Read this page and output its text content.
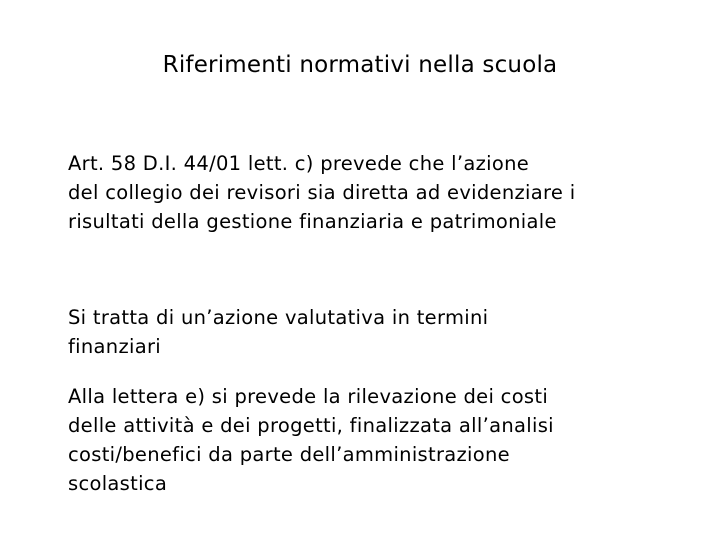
Riferimenti normativi nella scuola
Art. 58 D.I. 44/01 lett. c) prevede che l’azione
del collegio dei revisori sia diretta ad evidenziare i
risultati della gestione finanziaria e patrimoniale
Si tratta di un’azione valutativa in termini
finanziari
Alla lettera e) si prevede la rilevazione dei costi
delle attività e dei progetti, finalizzata all’analisi
costi/benefici da parte dell’amministrazione
scolastica
